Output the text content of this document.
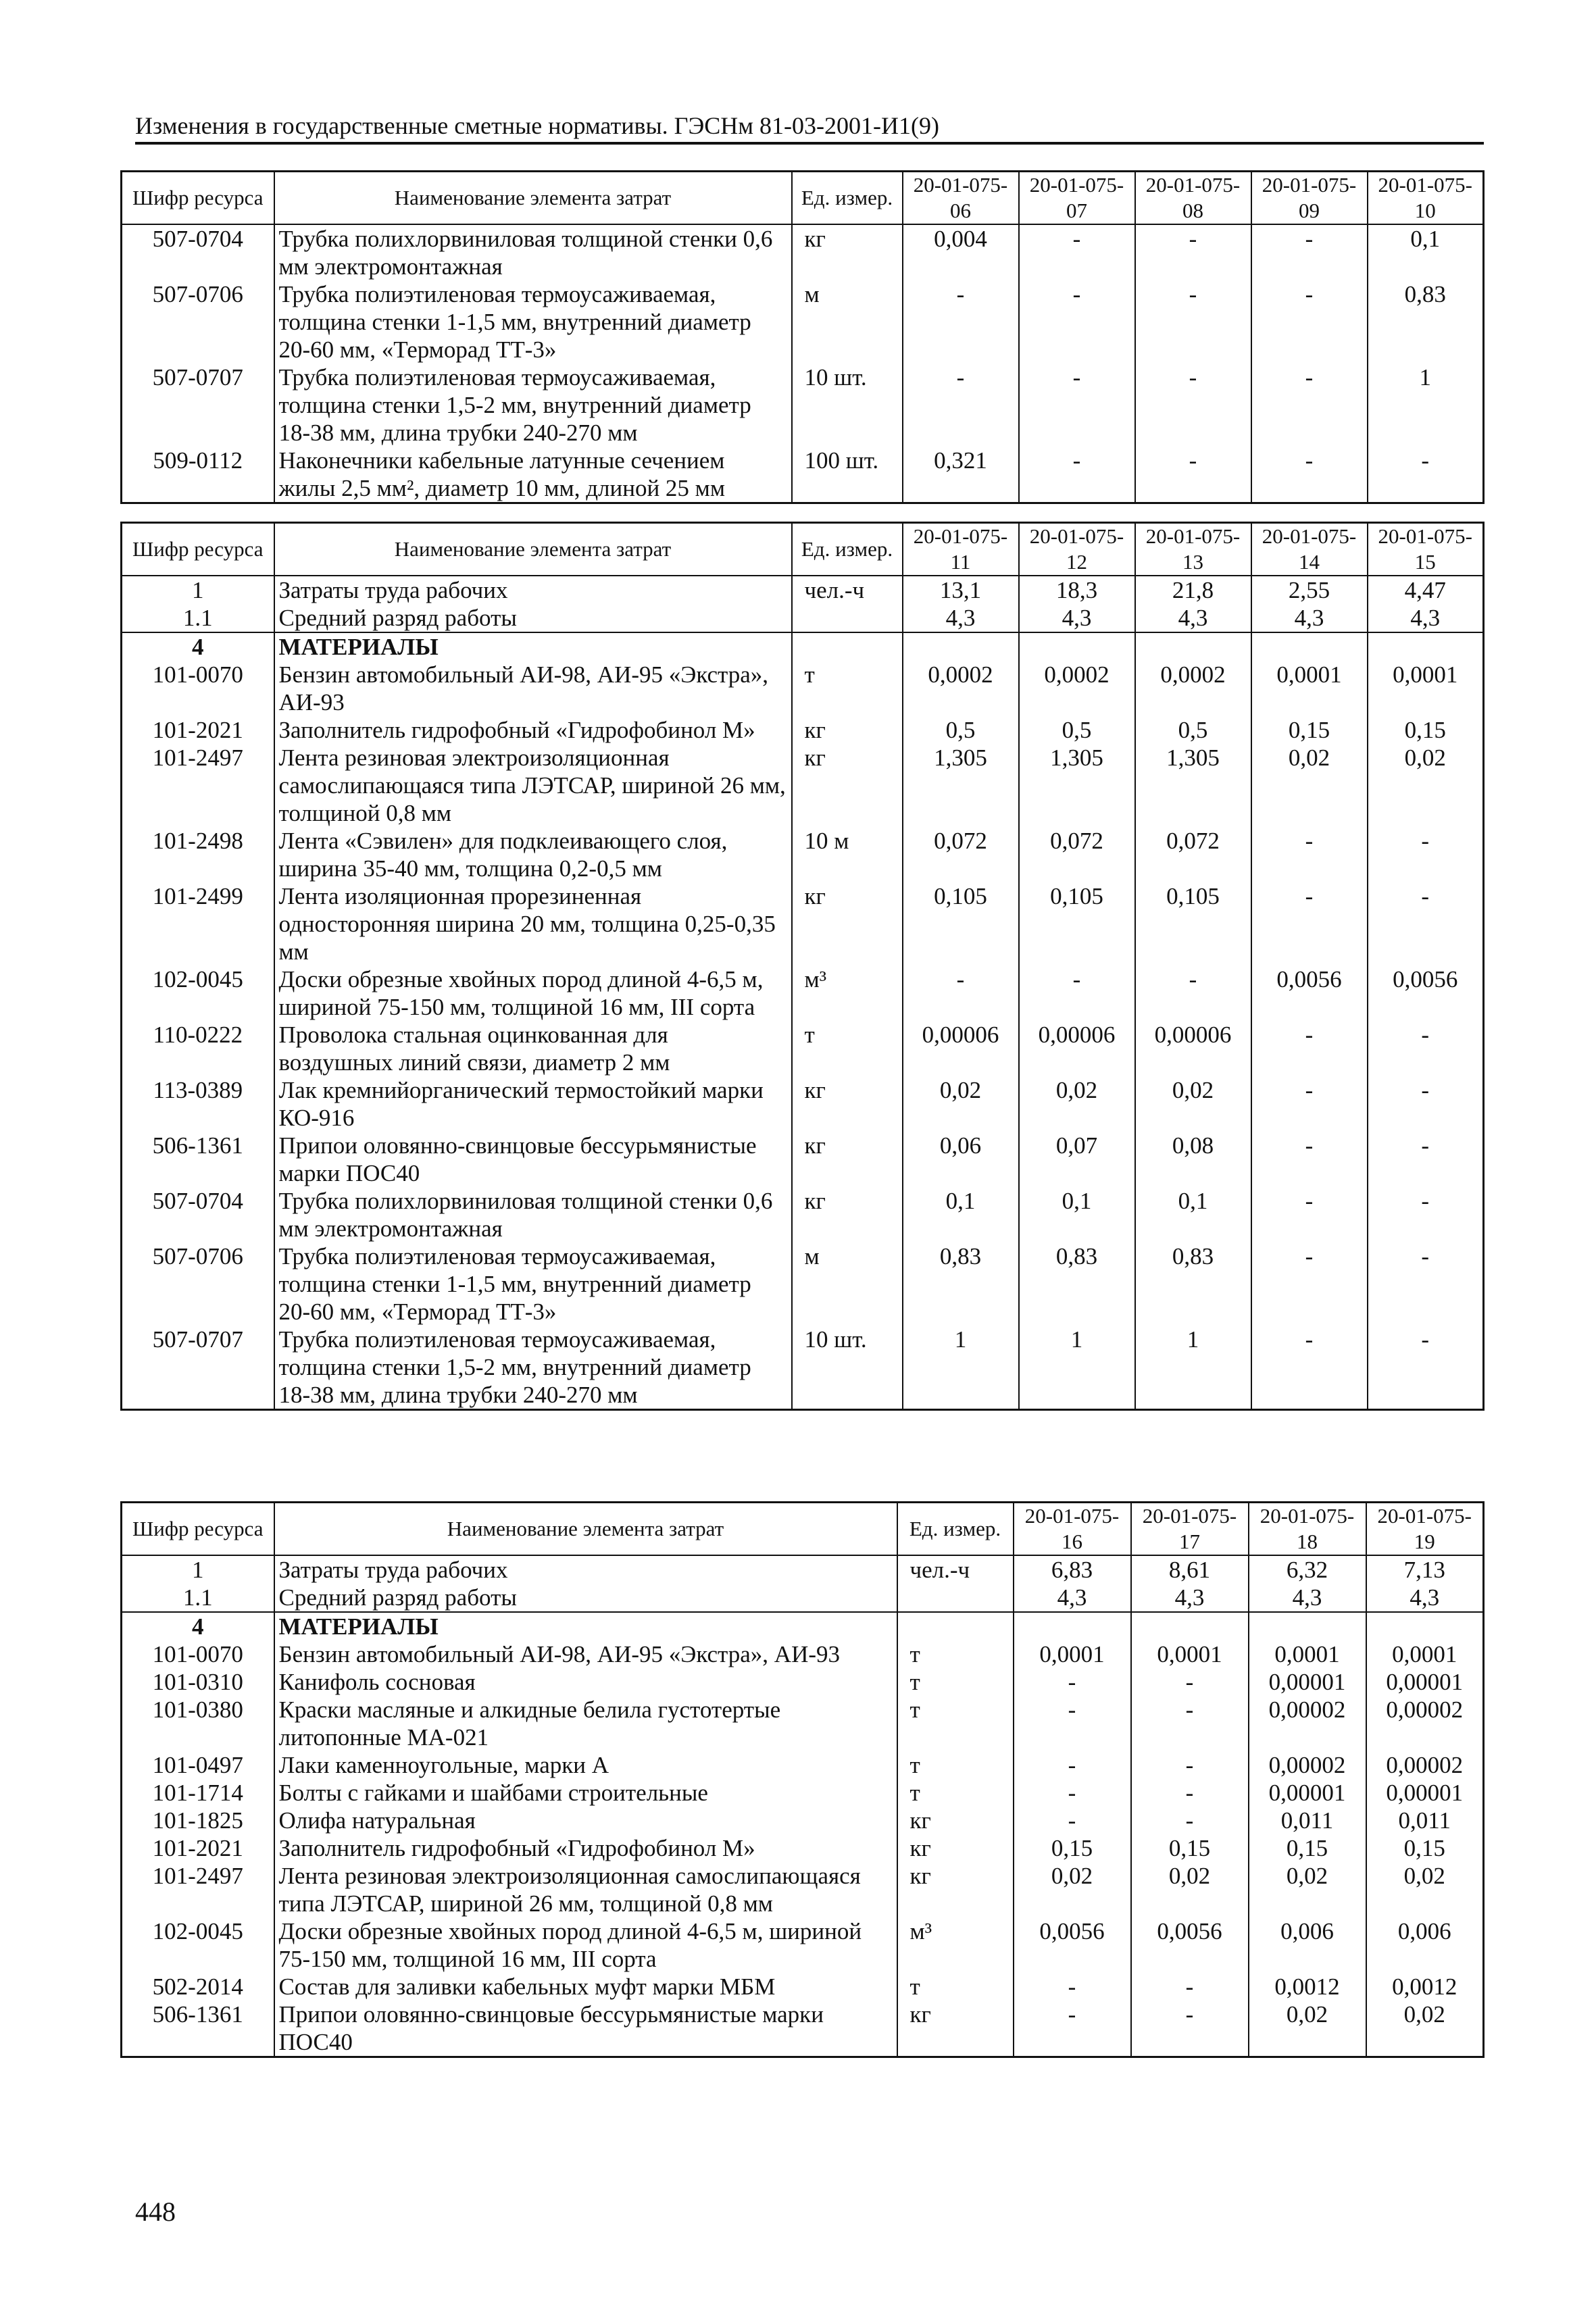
Изменения в государственные сметные нормативы. ГЭСНм 81-03-2001-И1(9)
Шифр ресурса	Наименование элемента затрат	Ед. измер.	20-01-075-06	20-01-075-07	20-01-075-08	20-01-075-09	20-01-075-10
507-0704	Трубка полихлорвиниловая толщиной стенки 0,6 мм электромонтажная	кг	0,004	-	-	-	0,1
507-0706	Трубка полиэтиленовая термоусаживаемая, толщина стенки 1-1,5 мм, внутренний диаметр 20-60 мм, «Терморад ТТ-3»	м	-	-	-	-	0,83
507-0707	Трубка полиэтиленовая термоусаживаемая, толщина стенки 1,5-2 мм, внутренний диаметр 18-38 мм, длина трубки 240-270 мм	10 шт.	-	-	-	-	1
509-0112	Наконечники кабельные латунные сечением жилы 2,5 мм², диаметр 10 мм, длиной 25 мм	100 шт.	0,321	-	-	-	-
Шифр ресурса	Наименование элемента затрат	Ед. измер.	20-01-075-11	20-01-075-12	20-01-075-13	20-01-075-14	20-01-075-15
1	Затраты труда рабочих	чел.-ч	13,1	18,3	21,8	2,55	4,47
1.1	Средний разряд работы		4,3	4,3	4,3	4,3	4,3
4	МАТЕРИАЛЫ						
101-0070	Бензин автомобильный АИ-98, АИ-95 «Экстра», АИ-93	т	0,0002	0,0002	0,0002	0,0001	0,0001
101-2021	Заполнитель гидрофобный «Гидрофобинол М»	кг	0,5	0,5	0,5	0,15	0,15
101-2497	Лента резиновая электроизоляционная самослипающаяся типа ЛЭТСАР, шириной 26 мм, толщиной 0,8 мм	кг	1,305	1,305	1,305	0,02	0,02
101-2498	Лента «Сэвилен» для подклеивающего слоя, ширина 35-40 мм, толщина 0,2-0,5 мм	10 м	0,072	0,072	0,072	-	-
101-2499	Лента изоляционная прорезиненная односторонняя ширина 20 мм, толщина 0,25-0,35 мм	кг	0,105	0,105	0,105	-	-
102-0045	Доски обрезные хвойных пород длиной 4-6,5 м, шириной 75-150 мм, толщиной 16 мм, III сорта	м³	-	-	-	0,0056	0,0056
110-0222	Проволока стальная оцинкованная для воздушных линий связи, диаметр 2 мм	т	0,00006	0,00006	0,00006	-	-
113-0389	Лак кремнийорганический термостойкий марки КО-916	кг	0,02	0,02	0,02	-	-
506-1361	Припои оловянно-свинцовые бессурьмянистые марки ПОС40	кг	0,06	0,07	0,08	-	-
507-0704	Трубка полихлорвиниловая толщиной стенки 0,6 мм электромонтажная	кг	0,1	0,1	0,1	-	-
507-0706	Трубка полиэтиленовая термоусаживаемая, толщина стенки 1-1,5 мм, внутренний диаметр 20-60 мм, «Терморад ТТ-3»	м	0,83	0,83	0,83	-	-
507-0707	Трубка полиэтиленовая термоусаживаемая, толщина стенки 1,5-2 мм, внутренний диаметр 18-38 мм, длина трубки 240-270 мм	10 шт.	1	1	1	-	-
Шифр ресурса	Наименование элемента затрат	Ед. измер.	20-01-075-16	20-01-075-17	20-01-075-18	20-01-075-19
1	Затраты труда рабочих	чел.-ч	6,83	8,61	6,32	7,13
1.1	Средний разряд работы		4,3	4,3	4,3	4,3
4	МАТЕРИАЛЫ					
101-0070	Бензин автомобильный АИ-98, АИ-95 «Экстра», АИ-93	т	0,0001	0,0001	0,0001	0,0001
101-0310	Канифоль сосновая	т	-	-	0,00001	0,00001
101-0380	Краски масляные и алкидные белила густотертые литопонные МА-021	т	-	-	0,00002	0,00002
101-0497	Лаки каменноугольные, марки А	т	-	-	0,00002	0,00002
101-1714	Болты с гайками и шайбами строительные	т	-	-	0,00001	0,00001
101-1825	Олифа натуральная	кг	-	-	0,011	0,011
101-2021	Заполнитель гидрофобный «Гидрофобинол М»	кг	0,15	0,15	0,15	0,15
101-2497	Лента резиновая электроизоляционная самослипающаяся типа ЛЭТСАР, шириной 26 мм, толщиной 0,8 мм	кг	0,02	0,02	0,02	0,02
102-0045	Доски обрезные хвойных пород длиной 4-6,5 м, шириной 75-150 мм, толщиной 16 мм, III сорта	м³	0,0056	0,0056	0,006	0,006
502-2014	Состав для заливки кабельных муфт марки МБМ	т	-	-	0,0012	0,0012
506-1361	Припои оловянно-свинцовые бессурьмянистые марки ПОС40	кг	-	-	0,02	0,02
448
